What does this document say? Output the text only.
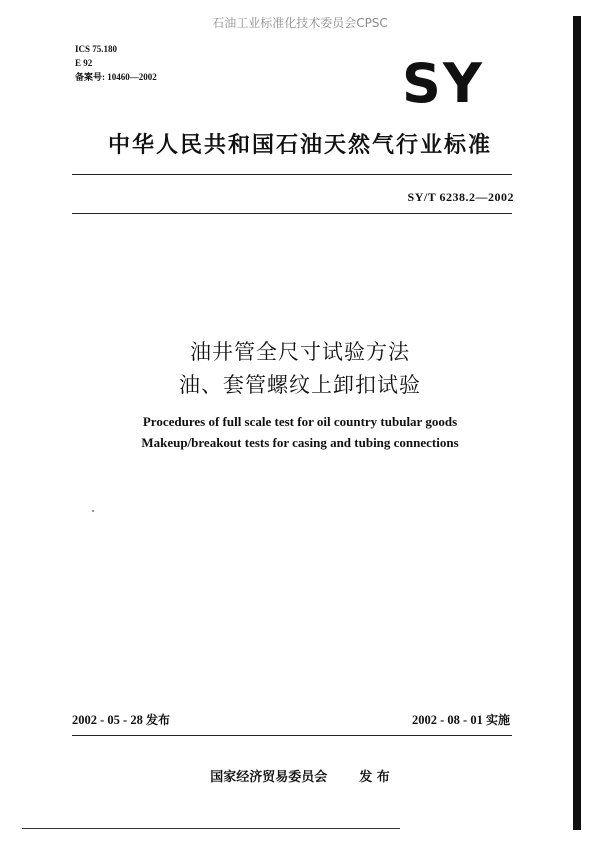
石油工业标准化技术委员会CPSC
ICS 75.180
E 92
备案号: 10460—2002	SY
中华人民共和国石油天然气行业标准
SY/T 6238.2—2002
油井管全尺寸试验方法
油、套管螺纹上卸扣试验
Procedures of full scale test for oil country tubular goods
Makeup/breakout tests for casing and tubing connections
2002 - 05 - 28 发布	2002 - 08 - 01 实施
国家经济贸易委员会 发 布
